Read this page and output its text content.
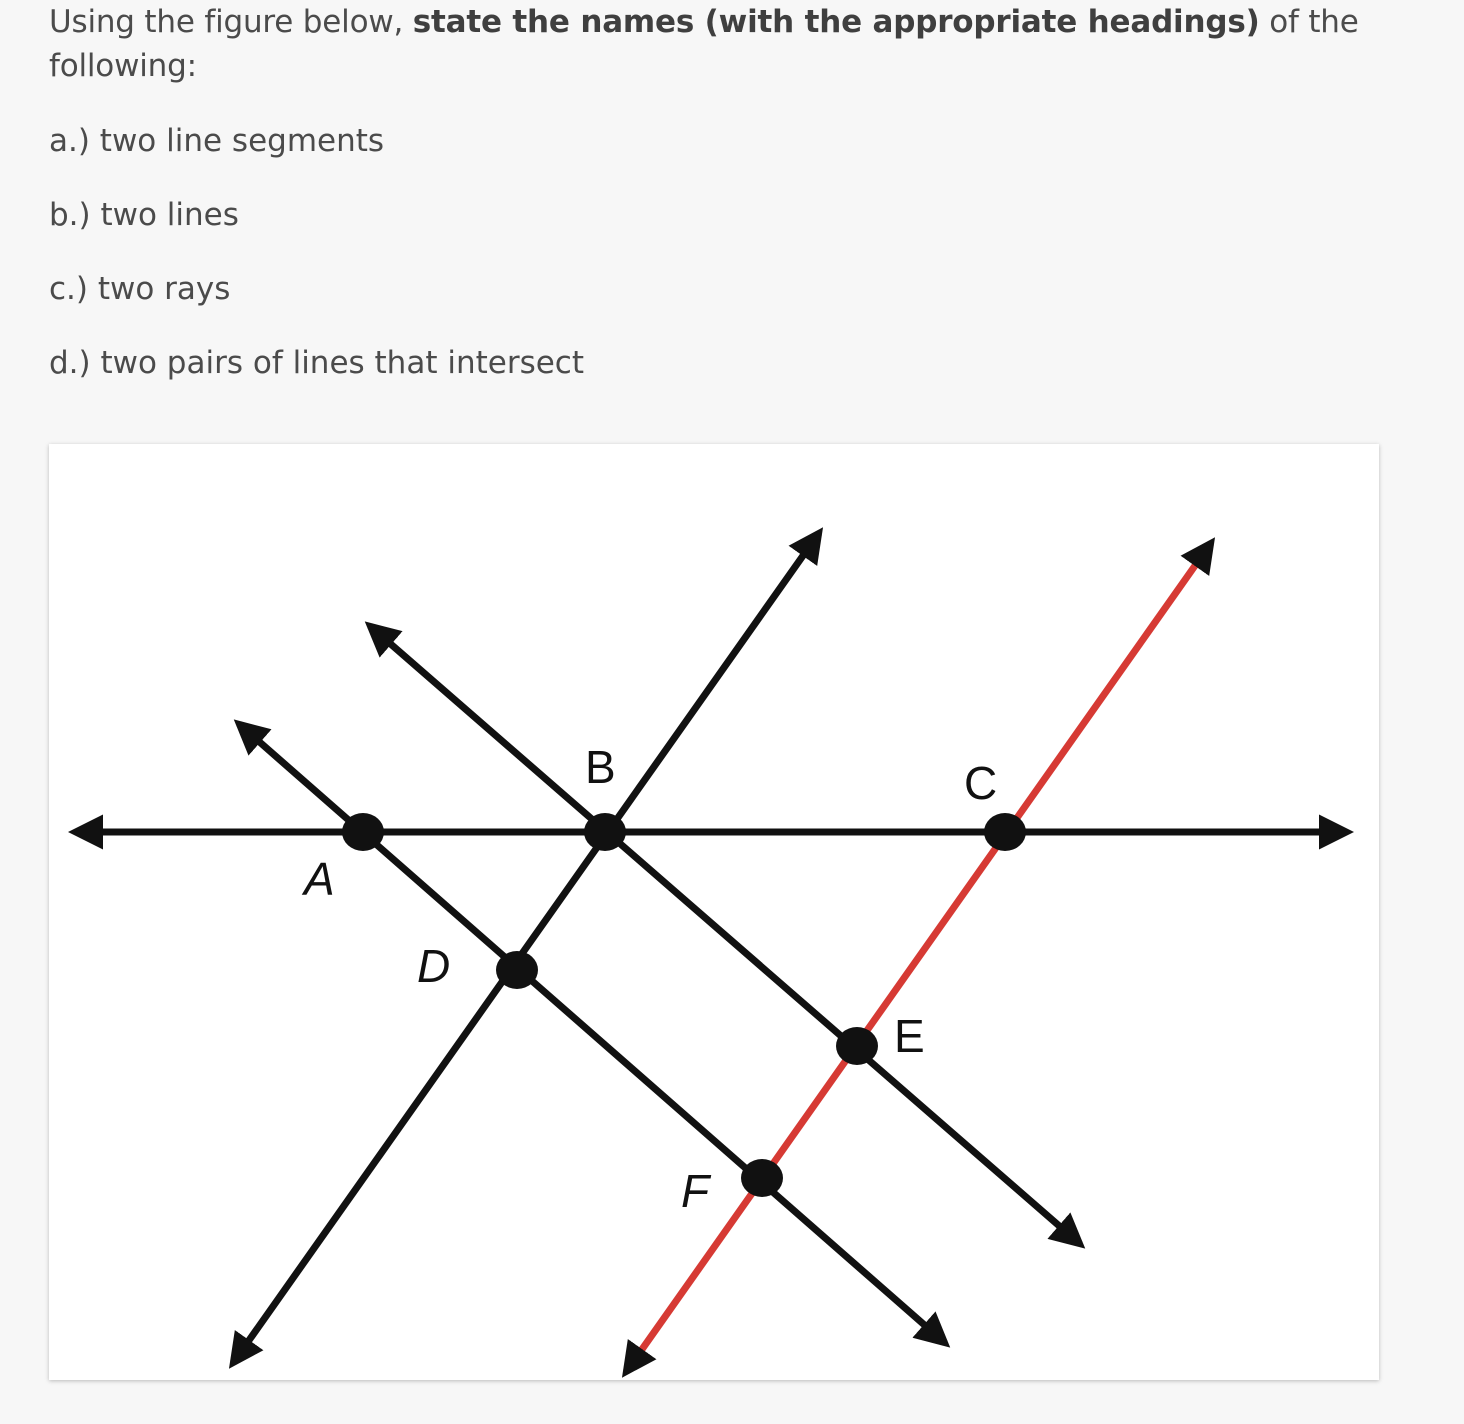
Using the figure below, state the names (with the appropriate headings) of the following:

a.) two line segments
b.) two lines
c.) two rays
d.) two pairs of lines that intersect
A
B	C
D
E
F
